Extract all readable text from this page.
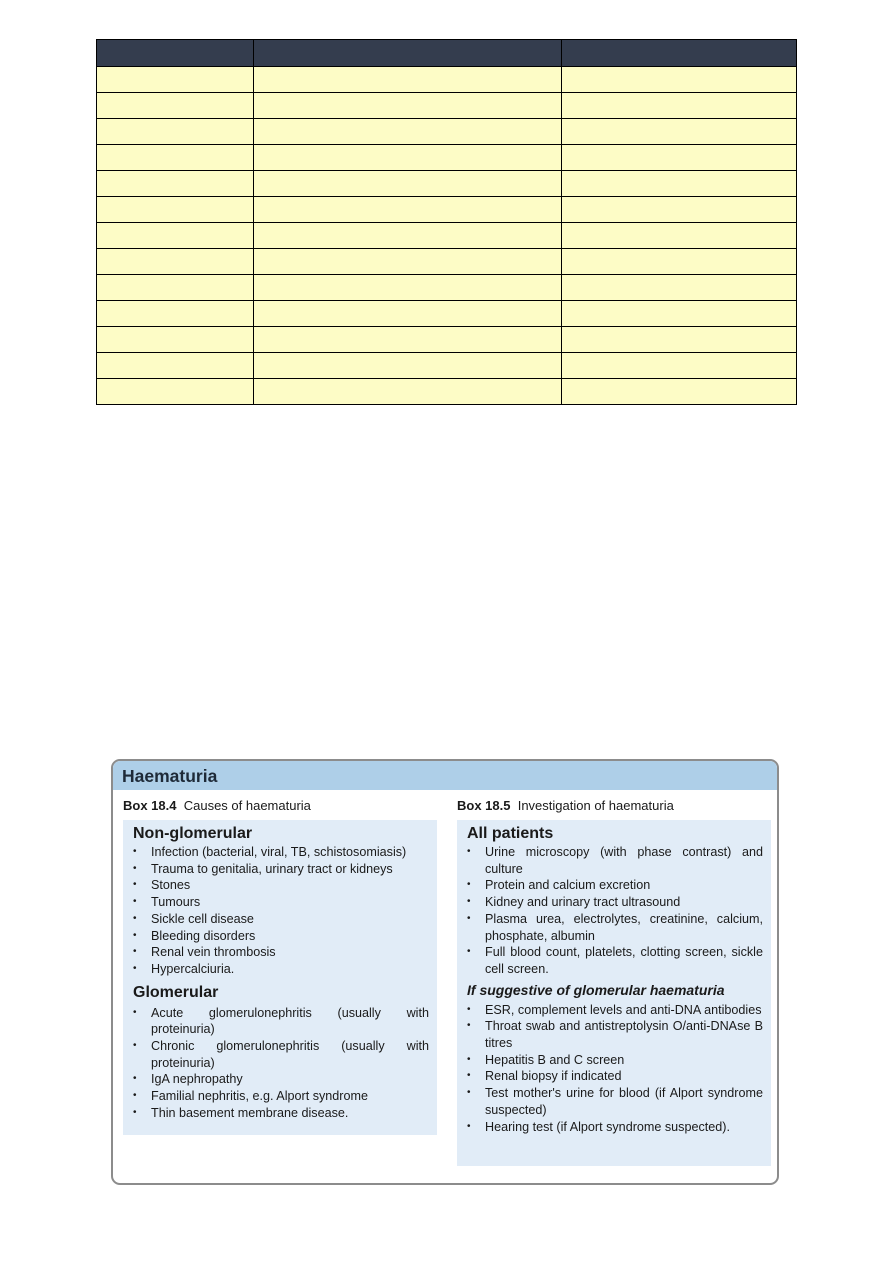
Haematuria
Box 18.4 Causes of haematuria
Non-glomerular
• Infection (bacterial, viral, TB, schistosomiasis)
• Trauma to genitalia, urinary tract or kidneys
• Stones
• Tumours
• Sickle cell disease
• Bleeding disorders
• Renal vein thrombosis
• Hypercalciuria.
Glomerular
• Acute glomerulonephritis (usually with proteinuria)
• Chronic glomerulonephritis (usually with proteinuria)
• IgA nephropathy
• Familial nephritis, e.g. Alport syndrome
• Thin basement membrane disease.
Box 18.5 Investigation of haematuria
All patients
• Urine microscopy (with phase contrast) and culture
• Protein and calcium excretion
• Kidney and urinary tract ultrasound
• Plasma urea, electrolytes, creatinine, calcium, phosphate, albumin
• Full blood count, platelets, clotting screen, sickle cell screen.
If suggestive of glomerular haematuria
• ESR, complement levels and anti-DNA antibodies
• Throat swab and antistreptolysin O/anti-DNAse B titres
• Hepatitis B and C screen
• Renal biopsy if indicated
• Test mother's urine for blood (if Alport syndrome suspected)
• Hearing test (if Alport syndrome suspected).
